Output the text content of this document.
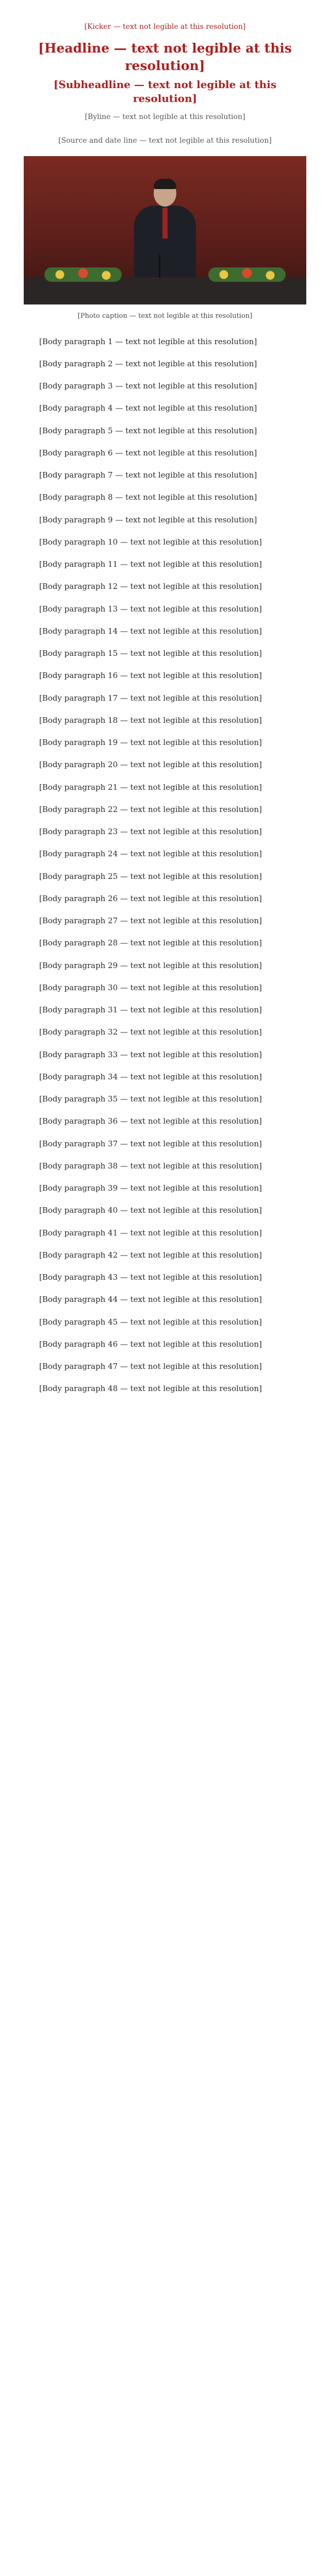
[Kicker — text not legible at this resolution]
[Headline — text not legible at this resolution]
[Subheadline — text not legible at this resolution]
[Byline — text not legible at this resolution]
[Source and date line — text not legible at this resolution]
[Photo caption — text not legible at this resolution]

[Body paragraph 1 — text not legible at this resolution]

[Body paragraph 2 — text not legible at this resolution]

[Body paragraph 3 — text not legible at this resolution]

[Body paragraph 4 — text not legible at this resolution]

[Body paragraph 5 — text not legible at this resolution]

[Body paragraph 6 — text not legible at this resolution]

[Body paragraph 7 — text not legible at this resolution]

[Body paragraph 8 — text not legible at this resolution]

[Body paragraph 9 — text not legible at this resolution]

[Body paragraph 10 — text not legible at this resolution]

[Body paragraph 11 — text not legible at this resolution]

[Body paragraph 12 — text not legible at this resolution]

[Body paragraph 13 — text not legible at this resolution]

[Body paragraph 14 — text not legible at this resolution]

[Body paragraph 15 — text not legible at this resolution]

[Body paragraph 16 — text not legible at this resolution]

[Body paragraph 17 — text not legible at this resolution]

[Body paragraph 18 — text not legible at this resolution]

[Body paragraph 19 — text not legible at this resolution]

[Body paragraph 20 — text not legible at this resolution]

[Body paragraph 21 — text not legible at this resolution]

[Body paragraph 22 — text not legible at this resolution]

[Body paragraph 23 — text not legible at this resolution]

[Body paragraph 24 — text not legible at this resolution]

[Body paragraph 25 — text not legible at this resolution]

[Body paragraph 26 — text not legible at this resolution]

[Body paragraph 27 — text not legible at this resolution]

[Body paragraph 28 — text not legible at this resolution]

[Body paragraph 29 — text not legible at this resolution]

[Body paragraph 30 — text not legible at this resolution]

[Body paragraph 31 — text not legible at this resolution]

[Body paragraph 32 — text not legible at this resolution]

[Body paragraph 33 — text not legible at this resolution]

[Body paragraph 34 — text not legible at this resolution]

[Body paragraph 35 — text not legible at this resolution]

[Body paragraph 36 — text not legible at this resolution]

[Body paragraph 37 — text not legible at this resolution]

[Body paragraph 38 — text not legible at this resolution]

[Body paragraph 39 — text not legible at this resolution]

[Body paragraph 40 — text not legible at this resolution]

[Body paragraph 41 — text not legible at this resolution]

[Body paragraph 42 — text not legible at this resolution]

[Body paragraph 43 — text not legible at this resolution]

[Body paragraph 44 — text not legible at this resolution]

[Body paragraph 45 — text not legible at this resolution]

[Body paragraph 46 — text not legible at this resolution]

[Body paragraph 47 — text not legible at this resolution]

[Body paragraph 48 — text not legible at this resolution]
